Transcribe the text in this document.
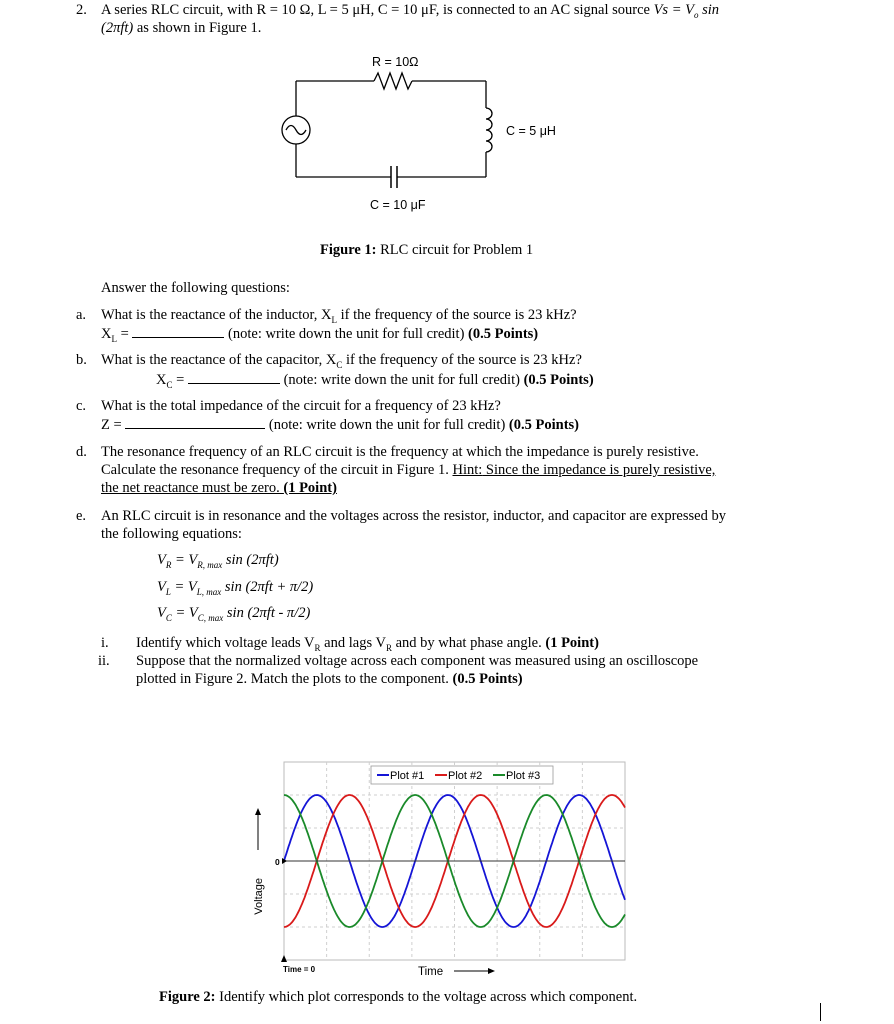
2. A series RLC circuit, with R = 10 Ω, L = 5 μH, C = 10 μF, is connected to an AC signal source $Vs = V_o$ sin
(2πft) as shown in Figure 1.
R = 10Ω
C = 5 μH
C = 10 μF
Figure 1: RLC circuit for Problem 1
Answer the following questions:
a. What is the reactance of the inductor, $X_L$ if the frequency of the source is 23 kHz?
$X_L$ =	(note: write down the unit for full credit) (0.5 Points)
b. What is the reactance of the capacitor, $X_C$ if the frequency of the source is 23 kHz?
$X_C$ =	(note: write down the unit for full credit) (0.5 Points)
c. What is the total impedance of the circuit for a frequency of 23 kHz?
Z =	(note: write down the unit for full credit) (0.5 Points)
d. The resonance frequency of an RLC circuit is the frequency at which the impedance is purely resistive.
Calculate the resonance frequency of the circuit in Figure 1. Hint: Since the impedance is purely resistive,
the net reactance must be zero. (1 Point)
e. An RLC circuit is in resonance and the voltages across the resistor, inductor, and capacitor are expressed by
the following equations:
$V_R = V_{R, max}$ sin (2πft)
$V_L = V_{L, max}$ sin (2πft + π/2)
$V_C = V_{C, max}$ sin (2πft - π/2)
i. Identify which voltage leads $V_R$ and lags $V_R$ and by what phase angle. (1 Point)
ii. Suppose that the normalized voltage across each component was measured using an oscilloscope
plotted in Figure 2. Match the plots to the component. (0.5 Points)
Plot #1 Plot #2 Plot #3
Voltage
0
Time = 0	Time
Figure 2: Identify which plot corresponds to the voltage across which component.
